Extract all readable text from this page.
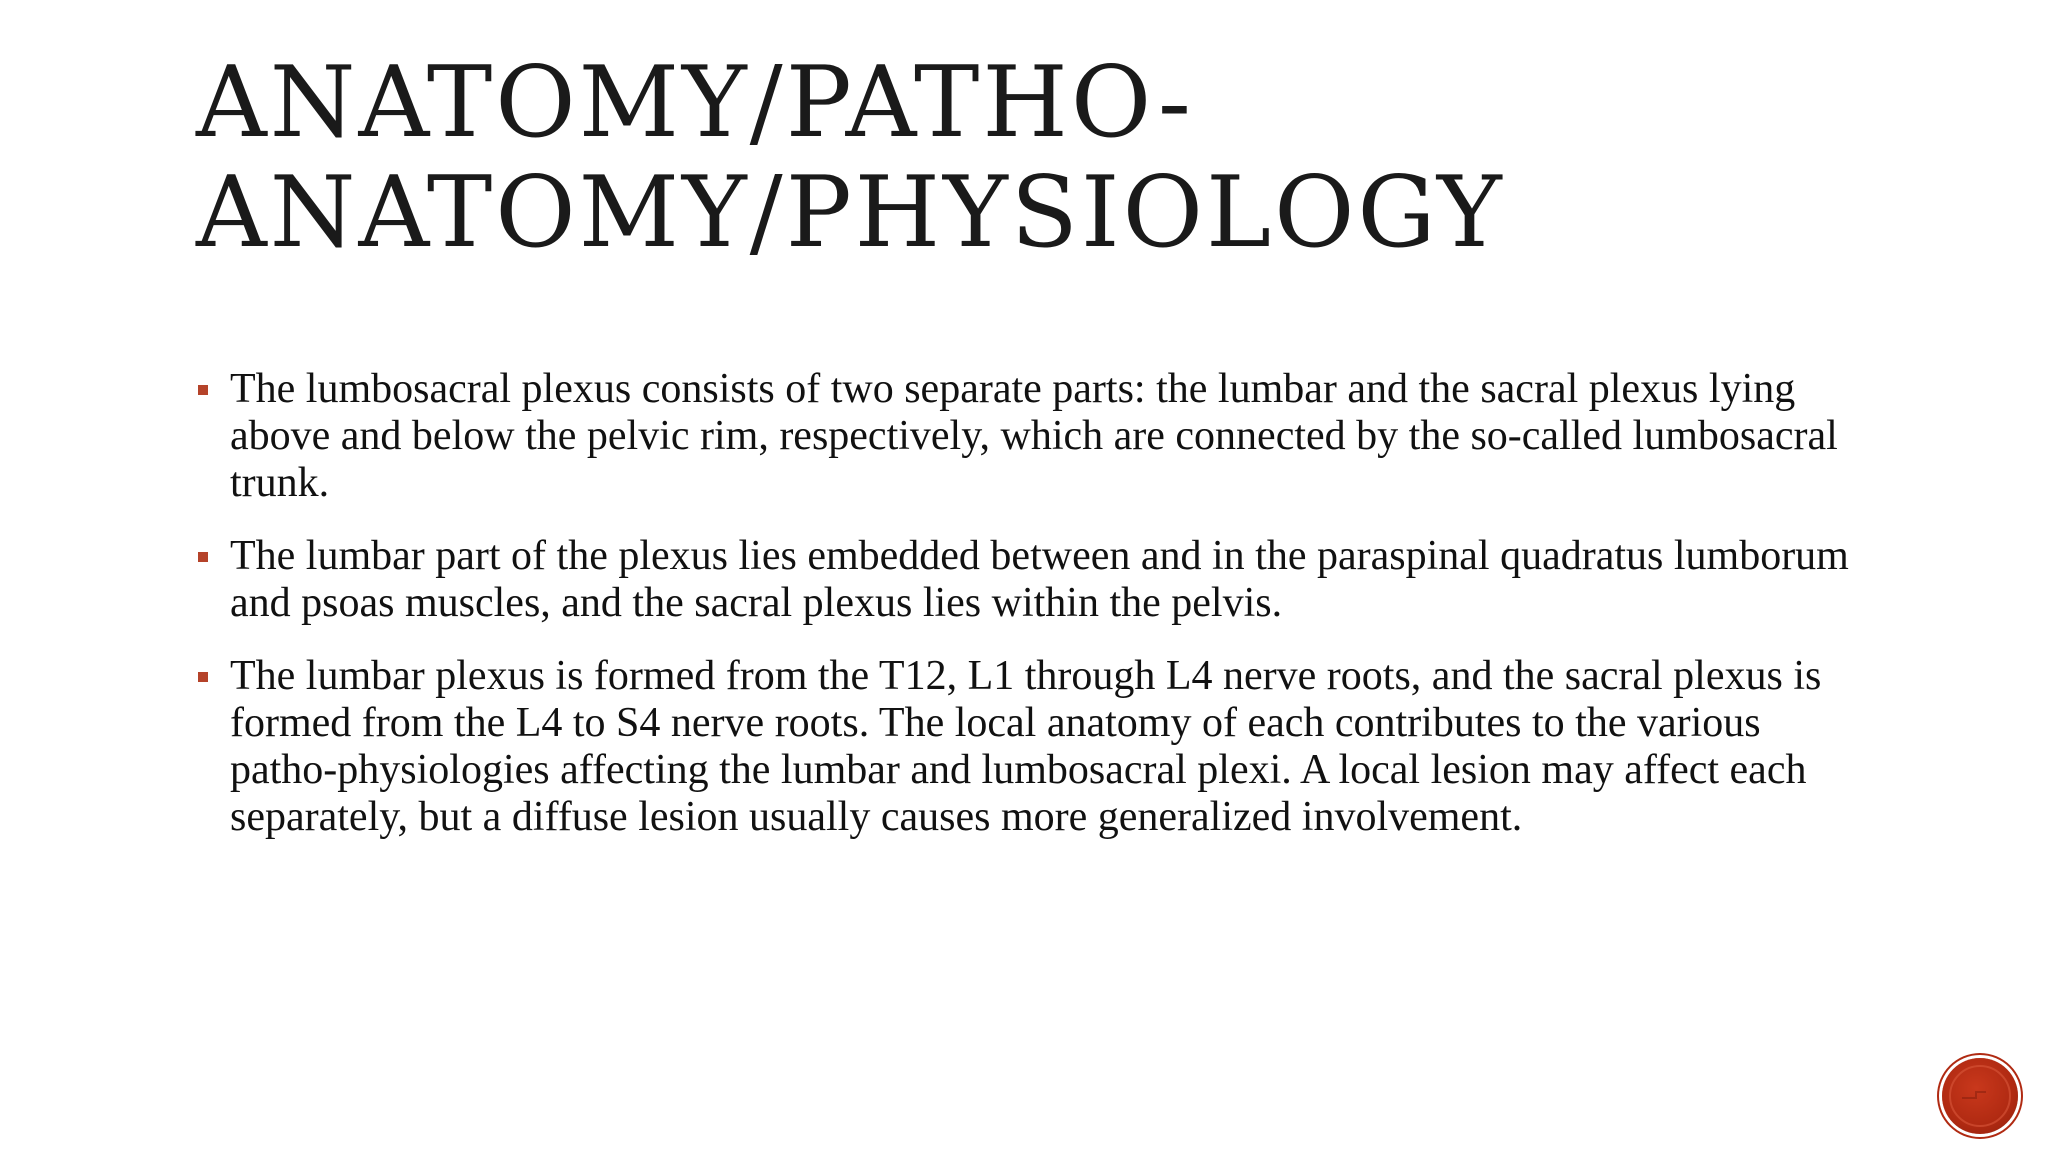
ANATOMY/PATHO-
ANATOMY/PHYSIOLOGY
The lumbosacral plexus consists of two separate parts: the lumbar and the sacral plexus lying above and below the pelvic rim, respectively, which are connected by the so-called lumbosacral trunk.
The lumbar part of the plexus lies embedded between and in the paraspinal quadratus lumborum and psoas muscles, and the sacral plexus lies within the pelvis.
The lumbar plexus is formed from the T12, L1 through L4 nerve roots, and the sacral plexus is formed from the L4 to S4 nerve roots. The local anatomy of each contributes to the various patho-physiologies affecting the lumbar and lumbosacral plexi. A local lesion may affect each separately, but a diffuse lesion usually causes more generalized involvement.
